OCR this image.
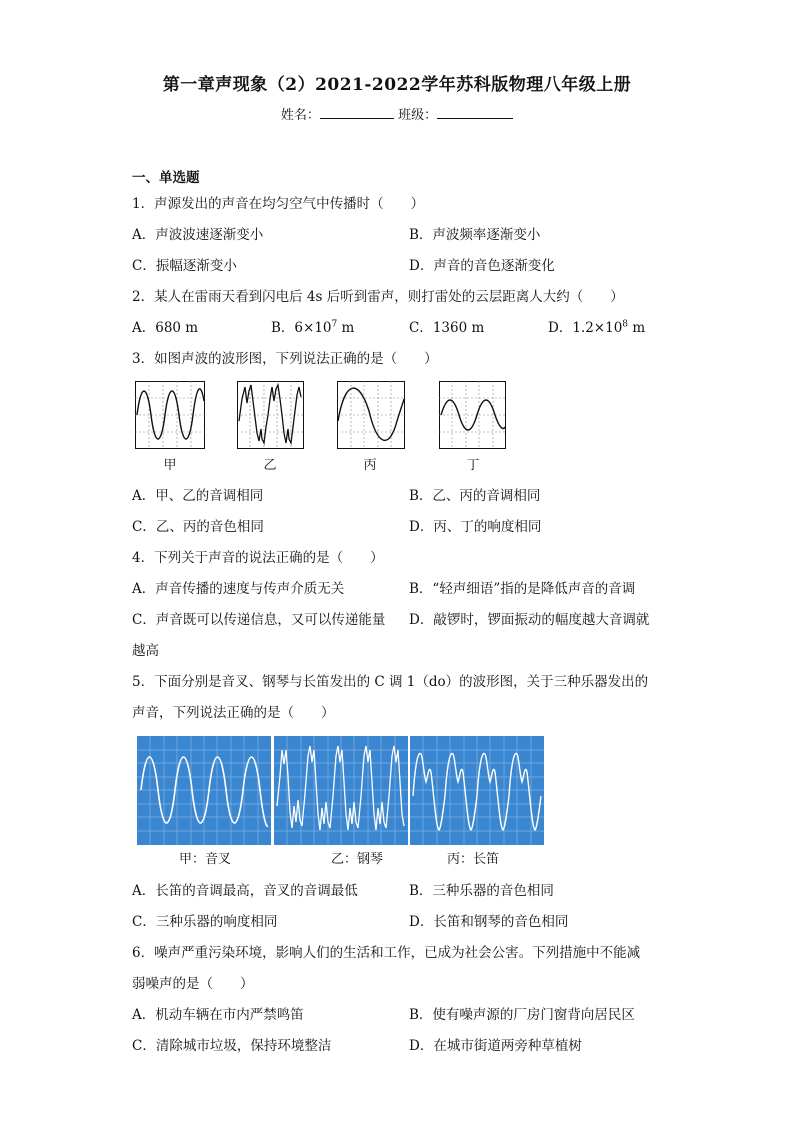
第一章声现象（2）2021-2022学年苏科版物理八年级上册
姓名：	班级：
一、单选题
1．声源发出的声音在均匀空气中传播时（　　）
A．声波波速逐渐变小	B．声波频率逐渐变小
C．振幅逐渐变小	D．声音的音色逐渐变化
2．某人在雷雨天看到闪电后 4s 后听到雷声，则打雷处的云层距离人大约（　　）
A．680 m	B．$6\times 10^7$ m	C．1360 m	D．$1.2\times 10^8$ m
3．如图声波的波形图，下列说法正确的是（　　）
甲	乙	丙	丁
A．甲、乙的音调相同	B．乙、丙的音调相同
C．乙、丙的音色相同	D．丙、丁的响度相同
4．下列关于声音的说法正确的是（　　）
A．声音传播的速度与传声介质无关	B．“轻声细语”指的是降低声音的音调
C．声音既可以传递信息，又可以传递能量 D．敲锣时，锣面振动的幅度越大音调就
越高
5．下面分别是音叉、钢琴与长笛发出的 C 调 1（do）的波形图，关于三种乐器发出的
声音，下列说法正确的是（　　）
甲：音叉	乙：钢琴	丙：长笛
A．长笛的音调最高，音叉的音调最低	B．三种乐器的音色相同
C．三种乐器的响度相同	D．长笛和钢琴的音色相同
6．噪声严重污染环境，影响人们的生活和工作，已成为社会公害。下列措施中不能减
弱噪声的是（　　）
A．机动车辆在市内严禁鸣笛	B．使有噪声源的厂房门窗背向居民区
C．清除城市垃圾，保持环境整洁	D．在城市街道两旁种草植树
